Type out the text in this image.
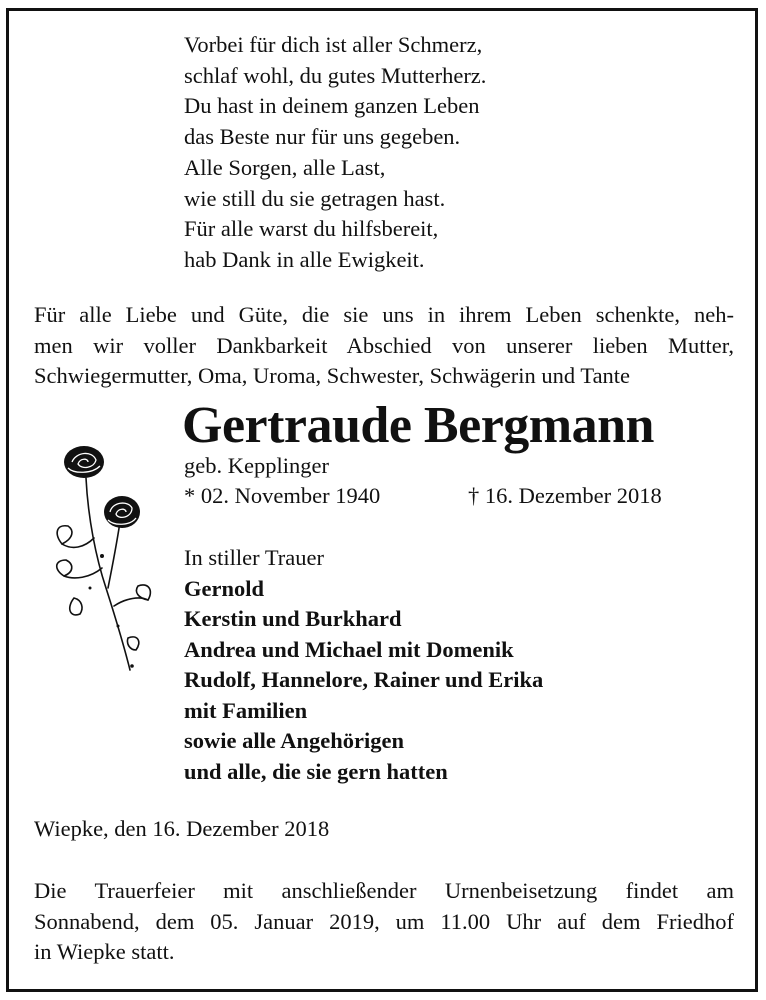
Vorbei für dich ist aller Schmerz,
schlaf wohl, du gutes Mutterherz.
Du hast in deinem ganzen Leben
das Beste nur für uns gegeben.
Alle Sorgen, alle Last,
wie still du sie getragen hast.
Für alle warst du hilfsbereit,
hab Dank in alle Ewigkeit.
Für alle Liebe und Güte, die sie uns in ihrem Leben schenkte, neh-
men wir voller Dankbarkeit Abschied von unserer lieben Mutter,
Schwiegermutter, Oma, Uroma, Schwester, Schwägerin und Tante
Gertraude Bergmann
geb. Kepplinger
* 02. November 1940	† 16. Dezember 2018
In stiller Trauer
Gernold
Kerstin und Burkhard
Andrea und Michael mit Domenik
Rudolf, Hannelore, Rainer und Erika
mit Familien
sowie alle Angehörigen
und alle, die sie gern hatten
Wiepke, den 16. Dezember 2018
Die Trauerfeier mit anschließender Urnenbeisetzung findet am
Sonnabend, dem 05. Januar 2019, um 11.00 Uhr auf dem Friedhof
in Wiepke statt.
